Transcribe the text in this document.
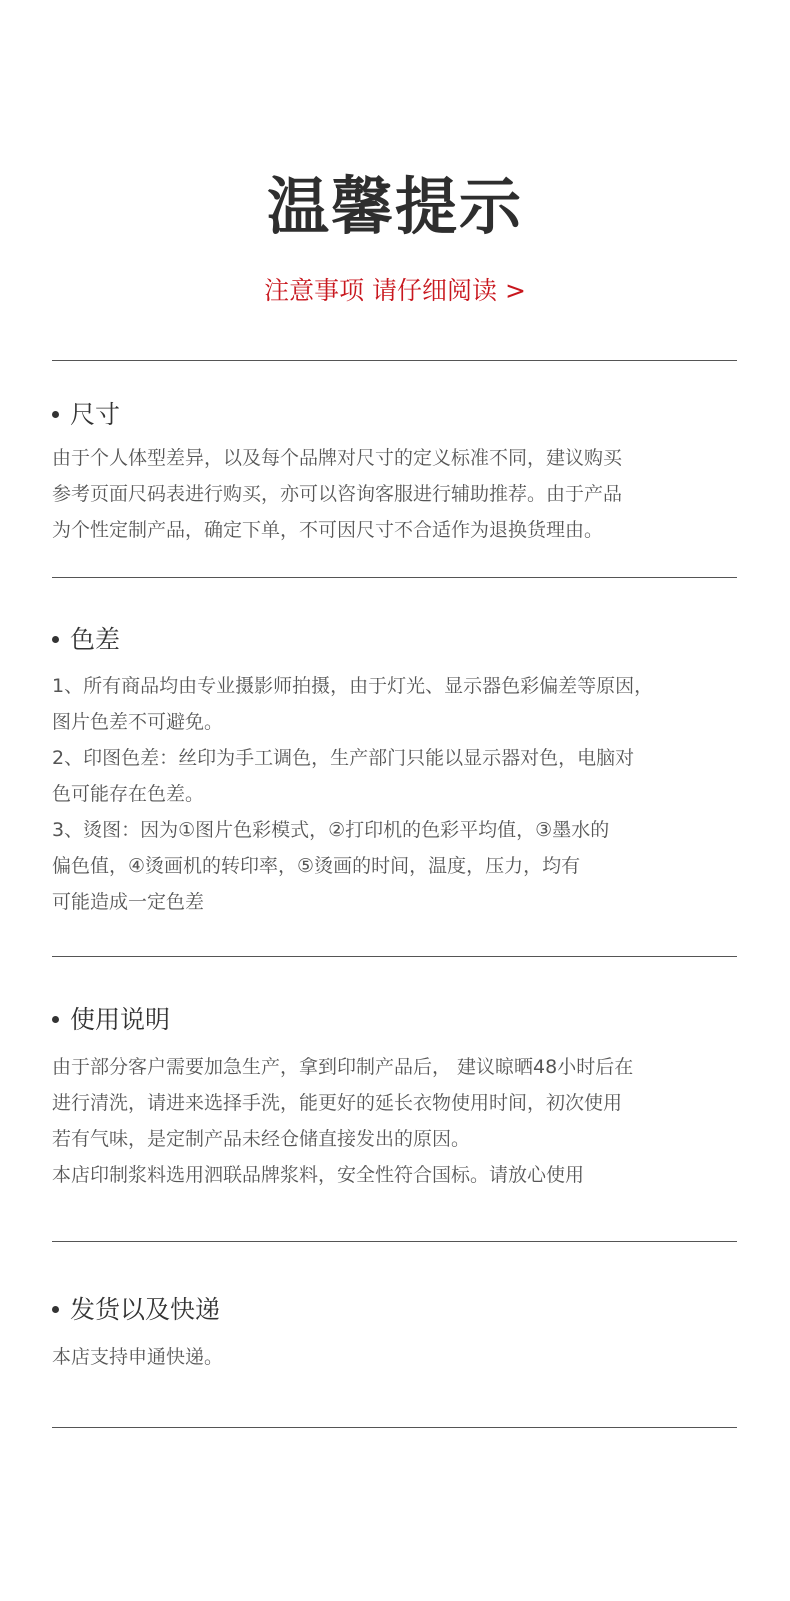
温馨提示
注意事项 请仔细阅读 >
尺寸
由于个人体型差异，以及每个品牌对尺寸的定义标准不同，建议购买
参考页面尺码表进行购买，亦可以咨询客服进行辅助推荐。由于产品
为个性定制产品，确定下单，不可因尺寸不合适作为退换货理由。
色差
1、所有商品均由专业摄影师拍摄，由于灯光、显示器色彩偏差等原因，
图片色差不可避免。
2、印图色差：丝印为手工调色，生产部门只能以显示器对色，电脑对
色可能存在色差。
3、烫图：因为①图片色彩模式，②打印机的色彩平均值，③墨水的
偏色值，④烫画机的转印率，⑤烫画的时间，温度，压力，均有
可能造成一定色差
使用说明
由于部分客户需要加急生产，拿到印制产品后， 建议晾晒48小时后在
进行清洗，请进来选择手洗，能更好的延长衣物使用时间，初次使用
若有气味，是定制产品未经仓储直接发出的原因。
本店印制浆料选用泗联品牌浆料，安全性符合国标。请放心使用
发货以及快递
本店支持申通快递。
